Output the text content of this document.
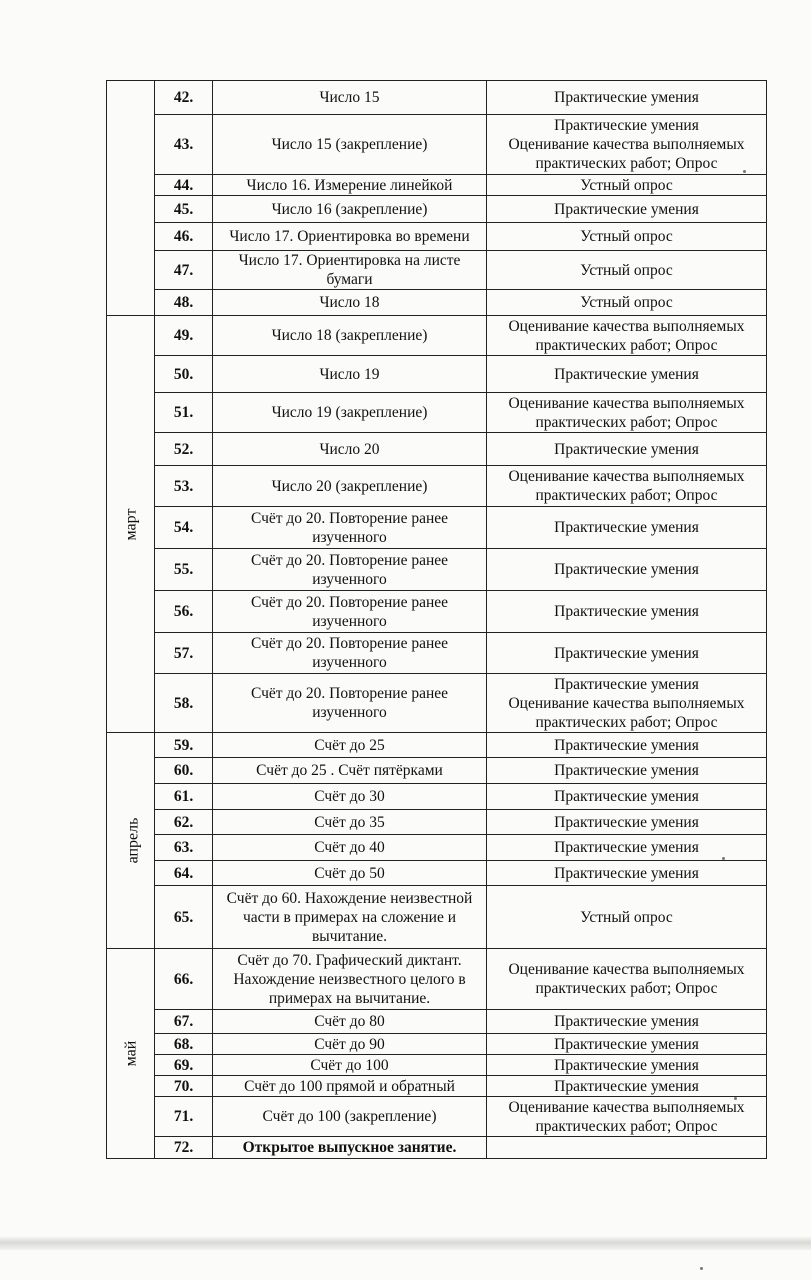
	42.	Число 15	Практические умения

	43.	Число 15 (закрепление)	Практические умения
Оценивание качества выполняемых
практических работ; Опрос

	44.	Число 16. Измерение линейкой	Устный опрос

	45.	Число 16 (закрепление)	Практические умения

	46.	Число 17. Ориентировка во времени	Устный опрос

	47.	Число 17. Ориентировка на листе бумаги	Устный опрос

	48.	Число 18	Устный опрос

март	49.	Число 18 (закрепление)	Оценивание качества выполняемых
практических работ; Опрос

	50.	Число 19	Практические умения

	51.	Число 19 (закрепление)	Оценивание качества выполняемых
практических работ; Опрос

	52.	Число 20	Практические умения

	53.	Число 20 (закрепление)	Оценивание качества выполняемых
практических работ; Опрос

	54.	Счёт до 20. Повторение ранее изученного	Практические умения

	55.	Счёт до 20. Повторение ранее изученного	Практические умения

	56.	Счёт до 20. Повторение ранее изученного	Практические умения

	57.	Счёт до 20. Повторение ранее изученного	Практические умения

	58.	Счёт до 20. Повторение ранее изученного	Практические умения
Оценивание качества выполняемых
практических работ; Опрос

апрель	59.	Счёт до 25	Практические умения

	60.	Счёт до 25 . Счёт пятёрками	Практические умения

	61.	Счёт до 30	Практические умения

	62.	Счёт до 35	Практические умения

	63.	Счёт до 40	Практические умения

	64.	Счёт до 50	Практические умения

	65.	Счёт до 60. Нахождение неизвестной части в примерах на сложение и вычитание.	Устный опрос

май	66.	Счёт до 70. Графический диктант. Нахождение неизвестного целого в примерах на вычитание.	Оценивание качества выполняемых
практических работ; Опрос

	67.	Счёт до 80	Практические умения

	68.	Счёт до 90	Практические умения

	69.	Счёт до 100	Практические умения

	70.	Счёт до 100 прямой и обратный	Практические умения

	71.	Счёт до 100 (закрепление)	Оценивание качества выполняемых
практических работ; Опрос

	72.	Открытое выпускное занятие.	
